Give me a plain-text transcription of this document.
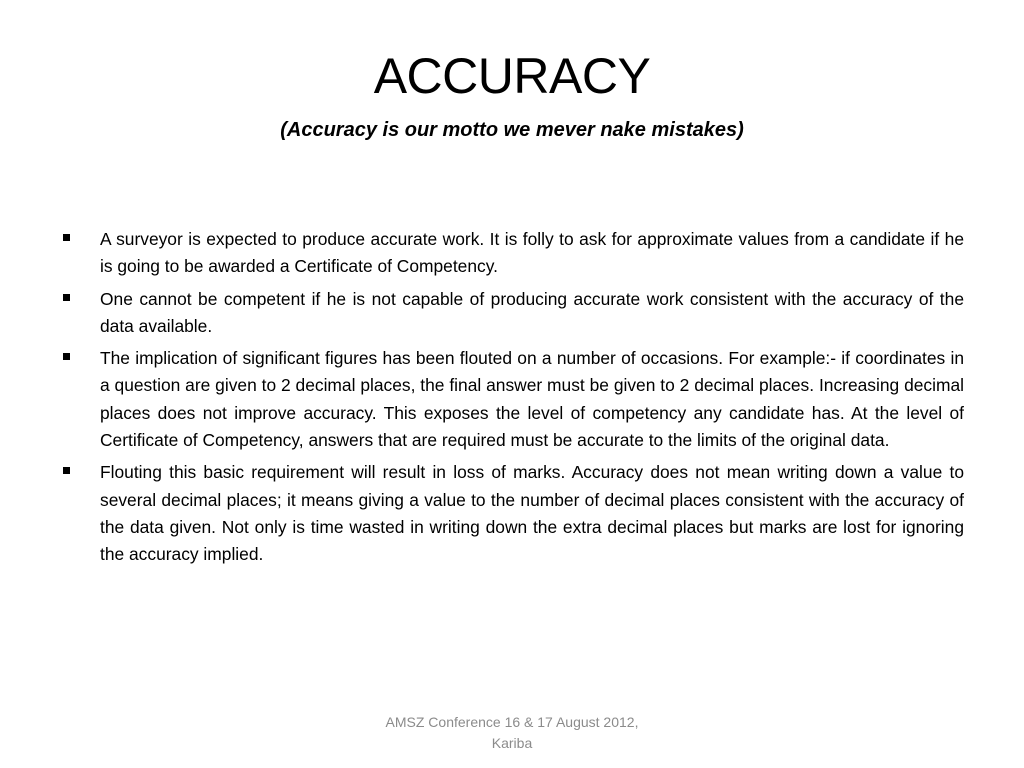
ACCURACY
(Accuracy is our motto we mever nake mistakes)
A surveyor is expected to produce accurate work. It is folly to ask for approximate values from a candidate if he is going to be awarded a Certificate of Competency.
One cannot be competent if he is not capable of producing accurate work consistent with the accuracy of the data available.
The implication of significant figures has been flouted on a number of occasions. For example:- if coordinates in a question are given to 2 decimal places, the final answer must be given to 2 decimal places. Increasing decimal places does not improve accuracy. This exposes the level of competency any candidate has. At the level of Certificate of Competency, answers that are required must be accurate to the limits of the original data.
Flouting this basic requirement will result in loss of marks. Accuracy does not mean writing down a value to several decimal places; it means giving a value to the number of decimal places consistent with the accuracy of the data given. Not only is time wasted in writing down the extra decimal places but marks are lost for ignoring the accuracy implied.
AMSZ Conference 16 & 17 August 2012,
Kariba
